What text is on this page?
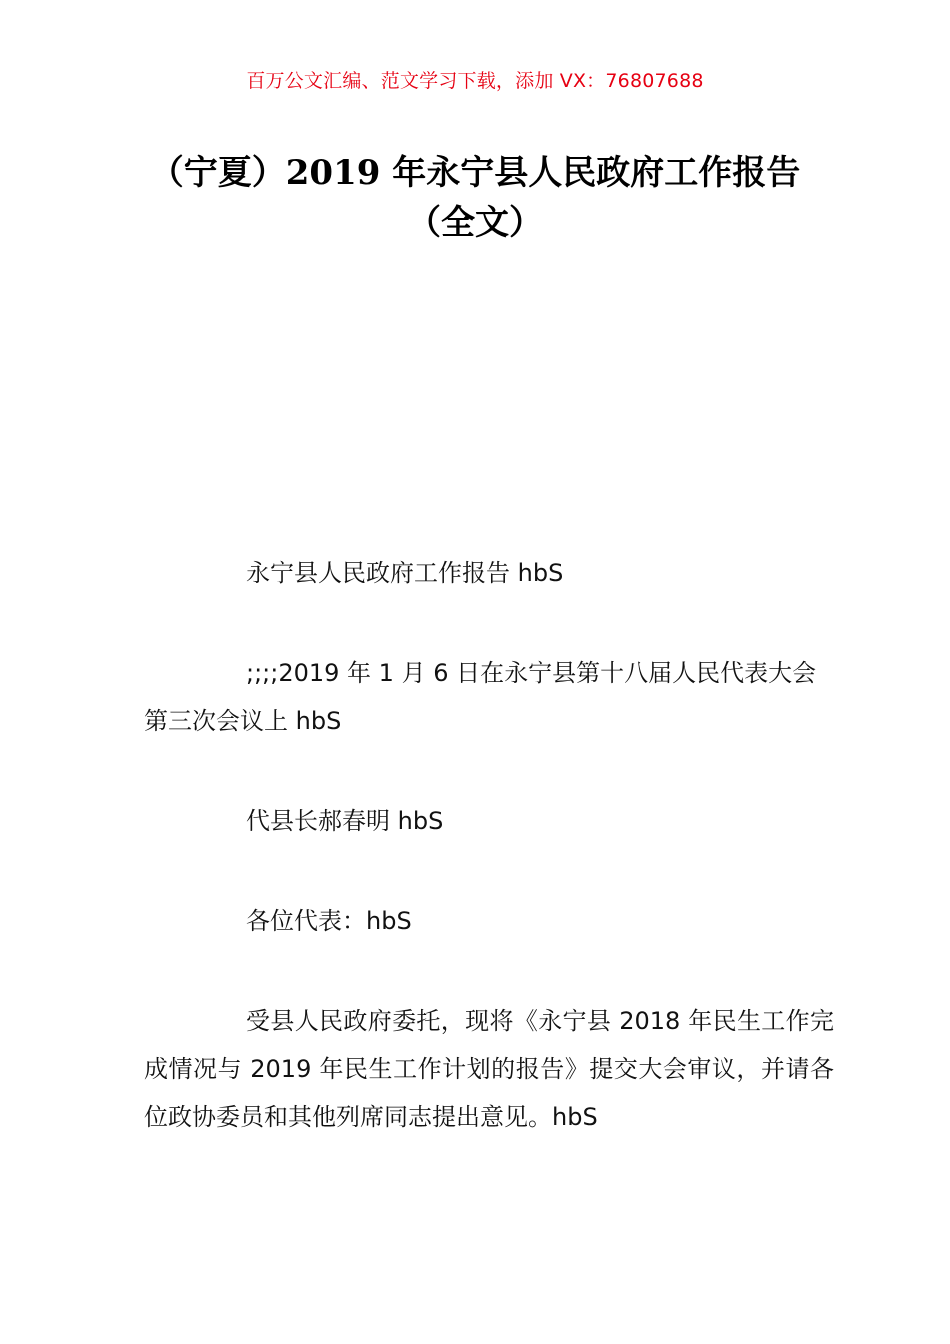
百万公文汇编、范文学习下载，添加 VX：76807688
（宁夏）2019 年永宁县人民政府工作报告
（全文）

永宁县人民政府工作报告 hbS

;;;;2019 年 1 月 6 日在永宁县第十八届人民代表大会第三次会议上 hbS

代县长郝春明 hbS

各位代表：hbS

受县人民政府委托，现将《永宁县 2018 年民生工作完成情况与 2019 年民生工作计划的报告》提交大会审议，并请各位政协委员和其他列席同志提出意见。hbS
